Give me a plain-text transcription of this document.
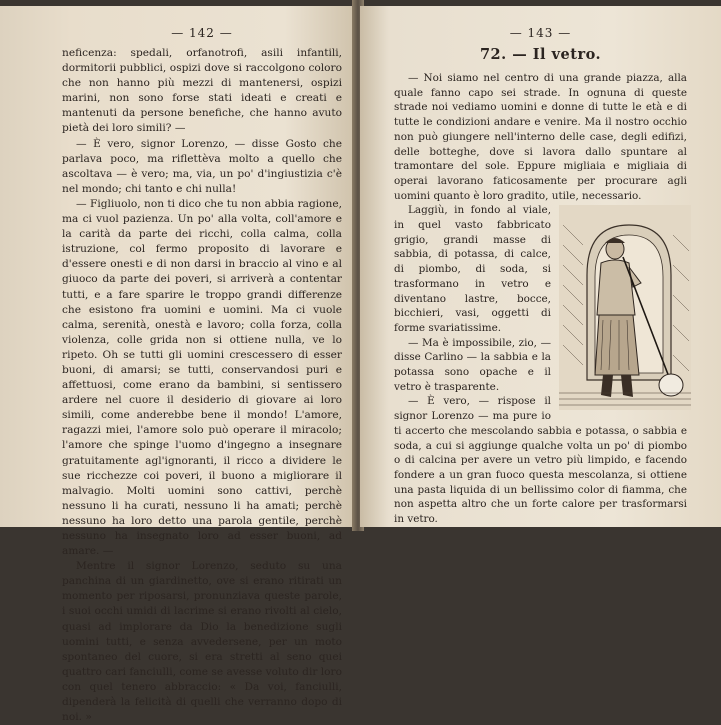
— 142 —

neficenza: spedali, orfanotrofi, asili infantili, dormitorii pubblici, ospizi dove si raccolgono coloro che non hanno più mezzi di mantenersi, ospizi marini, non sono forse stati ideati e creati e mantenuti da persone benefiche, che hanno avuto pietà dei loro simili? —

— È vero, signor Lorenzo, — disse Gosto che parlava poco, ma riflettèva molto a quello che ascoltava — è vero; ma, via, un po' d'ingiustizia c'è nel mondo; chi tanto e chi nulla!

— Figliuolo, non ti dico che tu non abbia ragione, ma ci vuol pazienza. Un po' alla volta, coll'amore e la carità da parte dei ricchi, colla calma, colla istruzione, col fermo proposito di lavorare e d'essere onesti e di non darsi in braccio al vino e al giuoco da parte dei poveri, si arriverà a contentar tutti, e a fare sparire le troppo grandi differenze che esistono fra uomini e uomini. Ma ci vuole calma, serenità, onestà e lavoro; colla forza, colla violenza, colle grida non si ottiene nulla, ve lo ripeto. Oh se tutti gli uomini crescessero di esser buoni, di amarsi; se tutti, conservandosi puri e affettuosi, come erano da bambini, si sentissero ardere nel cuore il desiderio di giovare ai loro simili, come anderebbe bene il mondo! L'amore, ragazzi miei, l'amore solo può operare il miracolo; l'amore che spinge l'uomo d'ingegno a insegnare gratuitamente agl'ignoranti, il ricco a dividere le sue ricchezze coi poveri, il buono a migliorare il malvagio. Molti uomini sono cattivi, perchè nessuno li ha curati, nessuno li ha amati; perchè nessuno ha loro detto una parola gentile, perchè nessuno ha insegnato loro ad esser buoni, ad amare. —

Mentre il signor Lorenzo, seduto su una panchina di un giardinetto, ove si erano ritirati un momento per riposarsi, pronunziava queste parole, i suoi occhi umidi di lacrime si erano rivolti al cielo, quasi ad implorare da Dio la benedizione sugli uomini tutti, e senza avvedersene, per un moto spontaneo del cuore, si era stretti al seno quei quattro cari fanciulli, come se avesse voluto dir loro con quel tenero abbraccio: « Da voi, fanciulli, dipenderà la felicità di quelli che verranno dopo di noi. »

— 143 —
72. — Il vetro.

— Noi siamo nel centro di una grande piazza, alla quale fanno capo sei strade. In ognuna di queste strade noi vediamo uomini e donne di tutte le età e di tutte le condizioni andare e venire. Ma il nostro occhio non può giungere nell'interno delle case, degli edifizi, delle botteghe, dove si lavora dallo spuntare al tramontare del sole. Eppure migliaia e migliaia di operai lavorano faticosamente per procurare agli uomini quanto è loro gradito, utile, necessario.

Laggiù, in fondo al viale, in quel vasto fabbricato grigio, grandi masse di sabbia, di potassa, di calce, di piombo, di soda, si trasformano in vetro e diventano lastre, bocce, bicchieri, vasi, oggetti di forme svariatissime.

— Ma è impossibile, zio, — disse Carlino — la sabbia e la potassa sono opache e il vetro è trasparente.

— È vero, — rispose il signor Lorenzo — ma pure io ti accerto che mescolando sabbia e potassa, o sabbia e soda, a cui si aggiunge qualche volta un po' di piombo o di calcina per avere un vetro più limpido, e facendo fondere a un gran fuoco questa mescolanza, si ottiene una pasta liquida di un bellissimo color di fiamma, che non aspetta altro che un forte calore per trasformarsi in vetro.
